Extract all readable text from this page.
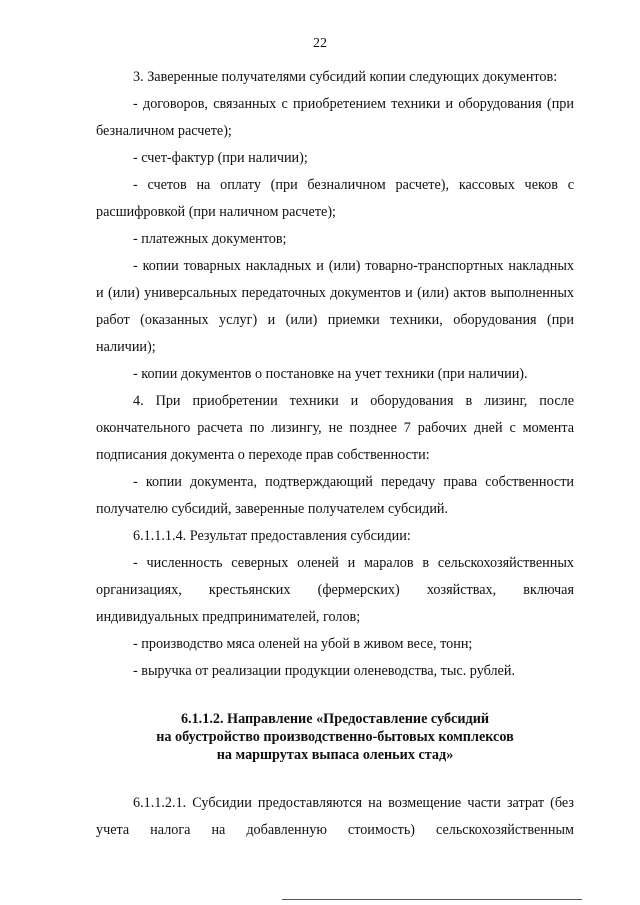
22

3. Заверенные получателями субсидий копии следующих документов:

- договоров, связанных с приобретением техники и оборудования (при безналичном расчете);

- счет-фактур (при наличии);

- счетов на оплату (при безналичном расчете), кассовых чеков с расшифровкой (при наличном расчете);

- платежных документов;

- копии товарных накладных и (или) товарно-транспортных накладных и (или) универсальных передаточных документов и (или) актов выполненных работ (оказанных услуг) и (или) приемки техники, оборудования (при наличии);

- копии документов о постановке на учет техники (при наличии).

4. При приобретении техники и оборудования в лизинг, после окончательного расчета по лизингу, не позднее 7 рабочих дней с момента подписания документа о переходе прав собственности:

- копии документа, подтверждающий передачу права собственности получателю субсидий, заверенные получателем субсидий.

6.1.1.1.4. Результат предоставления субсидии:

- численность северных оленей и маралов в сельскохозяйственных организациях, крестьянских (фермерских) хозяйствах, включая индивидуальных предпринимателей, голов;

- производство мяса оленей на убой в живом весе, тонн;

- выручка от реализации продукции оленеводства, тыс. рублей.

6.1.1.2. Направление «Предоставление субсидий
на обустройство производственно-бытовых комплексов
на маршрутах выпаса оленьих стад»

6.1.1.2.1. Субсидии предоставляются на возмещение части затрат (без учета налога на добавленную стоимость) сельскохозяйственным
